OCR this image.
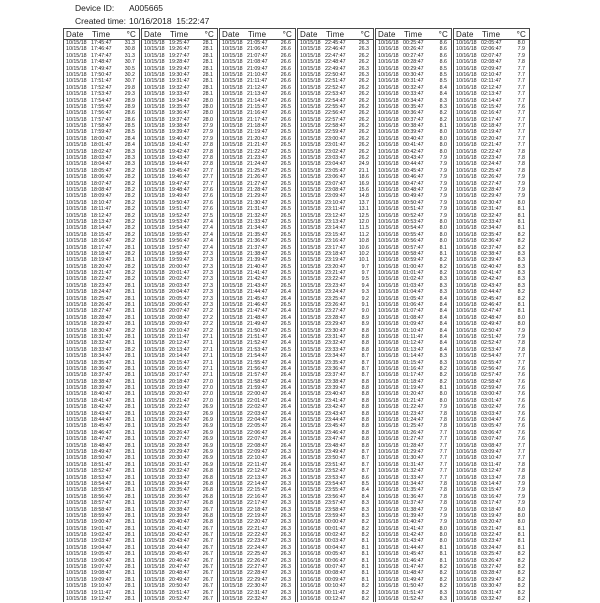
Device ID:	A005665
Created time: 10/16/2018  15:22:47
Date	Time	°C
10/15/18 17:45:47	31.3
10/15/18 17:46:47	30.8
10/15/18 17:47:47	31.3
10/15/18 17:48:47	30.7
10/15/18 17:49:47	30.5
10/15/18 17:50:47	30.2
10/15/18 17:51:47	30.7
10/15/18 17:52:47	29.8
10/15/18 17:53:47	29.3
10/15/18 17:54:47	28.9
10/15/18 17:55:47	28.9
10/15/18 17:56:47	28.6
10/15/18 17:57:47	28.6
10/15/18 17:58:47	28.5
10/15/18 17:59:47	28.5
10/15/18 18:00:47	28.4
10/15/18 18:01:47	28.4
10/15/18 18:02:47	28.3
10/15/18 18:03:47	28.3
10/15/18 18:04:47	28.3
10/15/18 18:05:47	28.2
10/15/18 18:06:47	28.2
10/15/18 18:07:47	28.2
10/15/18 18:08:47	28.2
10/15/18 18:09:47	28.2
10/15/18 18:10:47	28.2
10/15/18 18:11:47	28.2
10/15/18 18:12:47	28.2
10/15/18 18:13:47	28.2
10/15/18 18:14:47	28.2
10/15/18 18:15:47	28.2
10/15/18 18:16:47	28.2
10/15/18 18:17:47	28.1
10/15/18 18:18:47	28.2
10/15/18 18:19:47	28.1
10/15/18 18:20:47	28.2
10/15/18 18:21:47	28.2
10/15/18 18:22:47	28.2
10/15/18 18:23:47	28.1
10/15/18 18:24:47	28.1
10/15/18 18:25:47	28.1
10/15/18 18:26:47	28.1
10/15/18 18:27:47	28.1
10/15/18 18:28:47	28.1
10/15/18 18:29:47	28.1
10/15/18 18:30:47	28.2
10/15/18 18:31:47	28.1
10/15/18 18:32:47	28.1
10/15/18 18:33:47	28.2
10/15/18 18:34:47	28.1
10/15/18 18:35:47	28.1
10/15/18 18:36:47	28.1
10/15/18 18:37:47	28.1
10/15/18 18:38:47	28.1
10/15/18 18:39:47	28.1
10/15/18 18:40:47	28.1
10/15/18 18:41:47	28.1
10/15/18 18:42:47	28.1
10/15/18 18:43:47	28.1
10/15/18 18:44:47	28.1
10/15/18 18:45:47	28.1
10/15/18 18:46:47	28.1
10/15/18 18:47:47	28.1
10/15/18 18:48:47	28.1
10/15/18 18:49:47	28.1
10/15/18 18:50:47	28.1
10/15/18 18:51:47	28.1
10/15/18 18:52:47	28.1
10/15/18 18:53:47	28.1
10/15/18 18:54:47	28.1
10/15/18 18:55:47	28.1
10/15/18 18:56:47	28.1
10/15/18 18:57:47	28.1
10/15/18 18:58:47	28.1
10/15/18 18:59:47	28.1
10/15/18 19:00:47	28.1
10/15/18 19:01:47	28.1
10/15/18 19:02:47	28.1
10/15/18 19:03:47	28.1
10/15/18 19:04:47	28.1
10/15/18 19:05:47	28.1
10/15/18 19:06:47	28.1
10/15/18 19:07:47	28.1
10/15/18 19:08:47	28.1
10/15/18 19:09:47	28.1
10/15/18 19:10:47	28.1
10/15/18 19:11:47	28.1
10/15/18 19:12:47	28.1
Date	Time	°C
10/15/18 19:25:47	28.1
10/15/18 19:26:47	28.1
10/15/18 19:27:47	28.1
10/15/18 19:28:47	28.1
10/15/18 19:29:47	28.1
10/15/18 19:30:47	28.1
10/15/18 19:31:47	28.1
10/15/18 19:32:47	28.1
10/15/18 19:33:47	28.1
10/15/18 19:34:47	28.0
10/15/18 19:35:47	28.0
10/15/18 19:36:47	28.0
10/15/18 19:37:47	28.0
10/15/18 19:38:47	27.9
10/15/18 19:39:47	27.9
10/15/18 19:40:47	27.9
10/15/18 19:41:47	27.8
10/15/18 19:42:47	27.8
10/15/18 19:43:47	27.8
10/15/18 19:44:47	27.8
10/15/18 19:45:47	27.7
10/15/18 19:46:47	27.7
10/15/18 19:47:47	27.7
10/15/18 19:48:47	27.6
10/15/18 19:49:47	27.6
10/15/18 19:50:47	27.6
10/15/18 19:51:47	27.6
10/15/18 19:52:47	27.5
10/15/18 19:53:47	27.4
10/15/18 19:54:47	27.4
10/15/18 19:55:47	27.4
10/15/18 19:56:47	27.4
10/15/18 19:57:47	27.4
10/15/18 19:58:47	27.3
10/15/18 19:59:47	27.3
10/15/18 20:00:47	27.3
10/15/18 20:01:47	27.3
10/15/18 20:02:47	27.3
10/15/18 20:03:47	27.3
10/15/18 20:04:47	27.3
10/15/18 20:05:47	27.3
10/15/18 20:06:47	27.3
10/15/18 20:07:47	27.2
10/15/18 20:08:47	27.2
10/15/18 20:09:47	27.2
10/15/18 20:10:47	27.2
10/15/18 20:11:47	27.1
10/15/18 20:12:47	27.1
10/15/18 20:13:47	27.1
10/15/18 20:14:47	27.1
10/15/18 20:15:47	27.1
10/15/18 20:16:47	27.1
10/15/18 20:17:47	27.1
10/15/18 20:18:47	27.0
10/15/18 20:19:47	27.0
10/15/18 20:20:47	27.0
10/15/18 20:21:47	27.0
10/15/18 20:22:47	26.9
10/15/18 20:23:47	26.9
10/15/18 20:24:47	26.9
10/15/18 20:25:47	26.9
10/15/18 20:26:47	26.9
10/15/18 20:27:47	26.9
10/15/18 20:28:47	26.9
10/15/18 20:29:47	26.9
10/15/18 20:30:47	26.9
10/15/18 20:31:47	26.9
10/15/18 20:32:47	26.8
10/15/18 20:33:47	26.8
10/15/18 20:34:47	26.8
10/15/18 20:35:47	26.8
10/15/18 20:36:47	26.8
10/15/18 20:37:47	26.8
10/15/18 20:38:47	26.7
10/15/18 20:39:47	26.8
10/15/18 20:40:47	26.8
10/15/18 20:41:47	26.7
10/15/18 20:42:47	26.7
10/15/18 20:43:47	26.7
10/15/18 20:44:47	26.7
10/15/18 20:45:47	26.7
10/15/18 20:46:47	26.7
10/15/18 20:47:47	26.7
10/15/18 20:48:47	26.7
10/15/18 20:49:47	26.7
10/15/18 20:50:47	26.7
10/15/18 20:51:47	26.7
10/15/18 20:52:47	26.7
Date	Time	°C
10/15/18 21:05:47	26.6
10/15/18 21:06:47	26.6
10/15/18 21:07:47	26.6
10/15/18 21:08:47	26.6
10/15/18 21:09:47	26.6
10/15/18 21:10:47	26.6
10/15/18 21:11:47	26.6
10/15/18 21:12:47	26.6
10/15/18 21:13:47	26.6
10/15/18 21:14:47	26.6
10/15/18 21:15:47	26.5
10/15/18 21:16:47	26.6
10/15/18 21:17:47	26.6
10/15/18 21:18:47	26.5
10/15/18 21:19:47	26.5
10/15/18 21:20:47	26.6
10/15/18 21:21:47	26.5
10/15/18 21:22:47	26.5
10/15/18 21:23:47	26.5
10/15/18 21:24:47	26.5
10/15/18 21:25:47	26.5
10/15/18 21:26:47	26.5
10/15/18 21:27:47	26.5
10/15/18 21:28:47	26.5
10/15/18 21:29:47	26.5
10/15/18 21:30:47	26.5
10/15/18 21:31:47	26.5
10/15/18 21:32:47	26.5
10/15/18 21:33:47	26.5
10/15/18 21:34:47	26.5
10/15/18 21:35:47	26.5
10/15/18 21:36:47	26.5
10/15/18 21:37:47	26.5
10/15/18 21:38:47	26.5
10/15/18 21:39:47	26.5
10/15/18 21:40:47	26.5
10/15/18 21:41:47	26.5
10/15/18 21:42:47	26.5
10/15/18 21:43:47	26.5
10/15/18 21:44:47	26.4
10/15/18 21:45:47	26.4
10/15/18 21:46:47	26.5
10/15/18 21:47:47	26.4
10/15/18 21:48:47	26.4
10/15/18 21:49:47	26.5
10/15/18 21:50:47	26.5
10/15/18 21:51:47	26.4
10/15/18 21:52:47	26.4
10/15/18 21:53:47	26.5
10/15/18 21:54:47	26.4
10/15/18 21:55:47	26.4
10/15/18 21:56:47	26.4
10/15/18 21:57:47	26.4
10/15/18 21:58:47	26.4
10/15/18 21:59:47	26.4
10/15/18 22:00:47	26.4
10/15/18 22:01:47	26.4
10/15/18 22:02:47	26.4
10/15/18 22:03:47	26.4
10/15/18 22:04:47	26.4
10/15/18 22:05:47	26.4
10/15/18 22:06:47	26.4
10/15/18 22:07:47	26.4
10/15/18 22:08:47	26.4
10/15/18 22:09:47	26.3
10/15/18 22:10:47	26.4
10/15/18 22:11:47	26.4
10/15/18 22:12:47	26.4
10/15/18 22:13:47	26.3
10/15/18 22:14:47	26.3
10/15/18 22:15:47	26.4
10/15/18 22:16:47	26.3
10/15/18 22:17:47	26.3
10/15/18 22:18:47	26.3
10/15/18 22:19:47	26.3
10/15/18 22:20:47	26.3
10/15/18 22:21:47	26.3
10/15/18 22:22:47	26.3
10/15/18 22:23:47	26.3
10/15/18 22:24:47	26.3
10/15/18 22:25:47	26.3
10/15/18 22:26:47	26.3
10/15/18 22:27:47	26.3
10/15/18 22:28:47	26.3
10/15/18 22:29:47	26.3
10/15/18 22:30:47	26.3
10/15/18 22:31:47	26.3
10/15/18 22:32:47	26.3
Date	Time	°C
10/15/18 22:45:47	26.3
10/15/18 22:46:47	26.3
10/15/18 22:47:47	26.2
10/15/18 22:48:47	26.2
10/15/18 22:49:47	26.3
10/15/18 22:50:47	26.3
10/15/18 22:51:47	26.2
10/15/18 22:52:47	26.2
10/15/18 22:53:47	26.2
10/15/18 22:54:47	26.2
10/15/18 22:55:47	26.2
10/15/18 22:56:47	26.2
10/15/18 22:57:47	26.2
10/15/18 22:58:47	26.2
10/15/18 22:59:47	26.2
10/15/18 23:00:47	26.2
10/15/18 23:01:47	26.2
10/15/18 23:02:47	26.2
10/15/18 23:03:47	26.2
10/15/18 23:04:47	24.9
10/15/18 23:05:47	21.1
10/15/18 23:06:47	18.6
10/15/18 23:07:47	16.9
10/15/18 23:08:47	15.6
10/15/18 23:09:47	14.8
10/15/18 23:10:47	13.7
10/15/18 23:11:47	13.1
10/15/18 23:12:47	12.5
10/15/18 23:13:47	12.0
10/15/18 23:14:47	11.5
10/15/18 23:15:47	11.2
10/15/18 23:16:47	10.8
10/15/18 23:17:47	10.6
10/15/18 23:18:47	10.2
10/15/18 23:19:47	10.1
10/15/18 23:20:47	9.7
10/15/18 23:21:47	9.7
10/15/18 23:22:47	9.5
10/15/18 23:23:47	9.4
10/15/18 23:24:47	9.3
10/15/18 23:25:47	9.2
10/15/18 23:26:47	9.1
10/15/18 23:27:47	9.0
10/15/18 23:28:47	8.9
10/15/18 23:29:47	8.9
10/15/18 23:30:47	8.8
10/15/18 23:31:47	8.8
10/15/18 23:32:47	8.8
10/15/18 23:33:47	8.8
10/15/18 23:34:47	8.7
10/15/18 23:35:47	8.7
10/15/18 23:36:47	8.7
10/15/18 23:37:47	8.7
10/15/18 23:38:47	8.8
10/15/18 23:39:47	8.8
10/15/18 23:40:47	8.8
10/15/18 23:41:47	8.8
10/15/18 23:42:47	8.8
10/15/18 23:43:47	8.8
10/15/18 23:44:47	8.8
10/15/18 23:45:47	8.8
10/15/18 23:46:47	8.8
10/15/18 23:47:47	8.8
10/15/18 23:48:47	8.8
10/15/18 23:49:47	8.7
10/15/18 23:50:47	8.7
10/15/18 23:51:47	8.7
10/15/18 23:52:47	8.7
10/15/18 23:53:47	8.6
10/15/18 23:54:47	8.5
10/15/18 23:55:47	8.4
10/15/18 23:56:47	8.4
10/15/18 23:57:47	8.3
10/15/18 23:58:47	8.3
10/15/18 23:59:47	8.3
10/16/18 00:00:47	8.2
10/16/18 00:01:47	8.2
10/16/18 00:02:47	8.2
10/16/18 00:03:47	8.1
10/16/18 00:04:47	8.1
10/16/18 00:05:47	8.1
10/16/18 00:06:47	8.1
10/16/18 00:07:47	8.1
10/16/18 00:08:47	8.1
10/16/18 00:09:47	8.1
10/16/18 00:10:47	8.2
10/16/18 00:11:47	8.2
10/16/18 00:12:47	8.2
Date	Time	°C
10/16/18 00:25:47	8.6
10/16/18 00:26:47	8.6
10/16/18 00:27:47	8.6
10/16/18 00:28:47	8.6
10/16/18 00:29:47	8.5
10/16/18 00:30:47	8.5
10/16/18 00:31:47	8.5
10/16/18 00:32:47	8.4
10/16/18 00:33:47	8.4
10/16/18 00:34:47	8.3
10/16/18 00:35:47	8.3
10/16/18 00:36:47	8.2
10/16/18 00:37:47	8.2
10/16/18 00:38:47	8.1
10/16/18 00:39:47	8.0
10/16/18 00:40:47	8.0
10/16/18 00:41:47	8.0
10/16/18 00:42:47	8.0
10/16/18 00:43:47	7.9
10/16/18 00:44:47	7.9
10/16/18 00:45:47	7.9
10/16/18 00:46:47	7.9
10/16/18 00:47:47	7.9
10/16/18 00:48:47	7.9
10/16/18 00:49:47	7.9
10/16/18 00:50:47	7.9
10/16/18 00:51:47	7.9
10/16/18 00:52:47	7.9
10/16/18 00:53:47	8.0
10/16/18 00:54:47	8.0
10/16/18 00:55:47	8.0
10/16/18 00:56:47	8.0
10/16/18 00:57:47	8.1
10/16/18 00:58:47	8.1
10/16/18 00:59:47	8.2
10/16/18 01:00:47	8.2
10/16/18 01:01:47	8.2
10/16/18 01:02:47	8.3
10/16/18 01:03:47	8.3
10/16/18 01:04:47	8.3
10/16/18 01:05:47	8.4
10/16/18 01:06:47	8.4
10/16/18 01:07:47	8.4
10/16/18 01:08:47	8.4
10/16/18 01:09:47	8.4
10/16/18 01:10:47	8.4
10/16/18 01:11:47	8.4
10/16/18 01:12:47	8.4
10/16/18 01:13:47	8.4
10/16/18 01:14:47	8.3
10/16/18 01:15:47	8.3
10/16/18 01:16:47	8.2
10/16/18 01:17:47	8.2
10/16/18 01:18:47	8.2
10/16/18 01:19:47	8.1
10/16/18 01:20:47	8.0
10/16/18 01:21:47	8.0
10/16/18 01:22:47	7.9
10/16/18 01:23:47	7.8
10/16/18 01:24:47	7.8
10/16/18 01:25:47	7.8
10/16/18 01:26:47	7.7
10/16/18 01:27:47	7.7
10/16/18 01:28:47	7.7
10/16/18 01:29:47	7.7
10/16/18 01:30:47	7.7
10/16/18 01:31:47	7.7
10/16/18 01:32:47	7.7
10/16/18 01:33:47	7.7
10/16/18 01:34:47	7.8
10/16/18 01:35:47	7.8
10/16/18 01:36:47	7.8
10/16/18 01:37:47	7.8
10/16/18 01:38:47	7.9
10/16/18 01:39:47	7.9
10/16/18 01:40:47	7.9
10/16/18 01:41:47	8.0
10/16/18 01:42:47	8.0
10/16/18 01:43:47	8.0
10/16/18 01:44:47	8.1
10/16/18 01:45:47	8.1
10/16/18 01:46:47	8.1
10/16/18 01:47:47	8.2
10/16/18 01:48:47	8.2
10/16/18 01:49:47	8.2
10/16/18 01:50:47	8.2
10/16/18 01:51:47	8.3
10/16/18 01:52:47	8.3
Date	Time	°C
10/16/18 02:05:47	8.0
10/16/18 02:06:47	7.9
10/16/18 02:07:47	7.9
10/16/18 02:08:47	7.8
10/16/18 02:09:47	7.7
10/16/18 02:10:47	7.7
10/16/18 02:11:47	7.7
10/16/18 02:12:47	7.7
10/16/18 02:13:47	7.7
10/16/18 02:14:47	7.7
10/16/18 02:15:47	7.6
10/16/18 02:16:47	7.7
10/16/18 02:17:47	7.7
10/16/18 02:18:47	7.7
10/16/18 02:19:47	7.7
10/16/18 02:20:47	7.7
10/16/18 02:21:47	7.7
10/16/18 02:22:47	7.8
10/16/18 02:23:47	7.8
10/16/18 02:24:47	7.8
10/16/18 02:25:47	7.8
10/16/18 02:26:47	7.9
10/16/18 02:27:47	7.9
10/16/18 02:28:47	7.9
10/16/18 02:29:47	7.9
10/16/18 02:30:47	8.0
10/16/18 02:31:47	8.1
10/16/18 02:32:47	8.1
10/16/18 02:33:47	8.1
10/16/18 02:34:47	8.1
10/16/18 02:35:47	8.2
10/16/18 02:36:47	8.2
10/16/18 02:37:47	8.2
10/16/18 02:38:47	8.3
10/16/18 02:39:47	8.3
10/16/18 02:40:47	8.3
10/16/18 02:41:47	8.3
10/16/18 02:42:47	8.3
10/16/18 02:43:47	8.3
10/16/18 02:44:47	8.2
10/16/18 02:45:47	8.2
10/16/18 02:46:47	8.1
10/16/18 02:47:47	8.1
10/16/18 02:48:47	8.0
10/16/18 02:49:47	8.0
10/16/18 02:50:47	7.9
10/16/18 02:51:47	7.9
10/16/18 02:52:47	7.8
10/16/18 02:53:47	7.8
10/16/18 02:54:47	7.7
10/16/18 02:55:47	7.7
10/16/18 02:56:47	7.6
10/16/18 02:57:47	7.6
10/16/18 02:58:47	7.6
10/16/18 02:59:47	7.6
10/16/18 03:00:47	7.6
10/16/18 03:01:47	7.6
10/16/18 03:02:47	7.6
10/16/18 03:03:47	7.6
10/16/18 03:04:47	7.6
10/16/18 03:05:47	7.6
10/16/18 03:06:47	7.6
10/16/18 03:07:47	7.6
10/16/18 03:08:47	7.7
10/16/18 03:09:47	7.7
10/16/18 03:10:47	7.7
10/16/18 03:11:47	7.8
10/16/18 03:12:47	7.8
10/16/18 03:13:47	7.8
10/16/18 03:14:47	7.9
10/16/18 03:15:47	7.9
10/16/18 03:16:47	7.9
10/16/18 03:17:47	7.9
10/16/18 03:18:47	8.0
10/16/18 03:19:47	8.0
10/16/18 03:20:47	8.0
10/16/18 03:21:47	8.1
10/16/18 03:22:47	8.1
10/16/18 03:23:47	8.1
10/16/18 03:24:47	8.1
10/16/18 03:25:47	8.2
10/16/18 03:26:47	8.2
10/16/18 03:27:47	8.2
10/16/18 03:28:47	8.2
10/16/18 03:29:47	8.2
10/16/18 03:30:47	8.2
10/16/18 03:31:47	8.2
10/16/18 03:32:47	8.2
